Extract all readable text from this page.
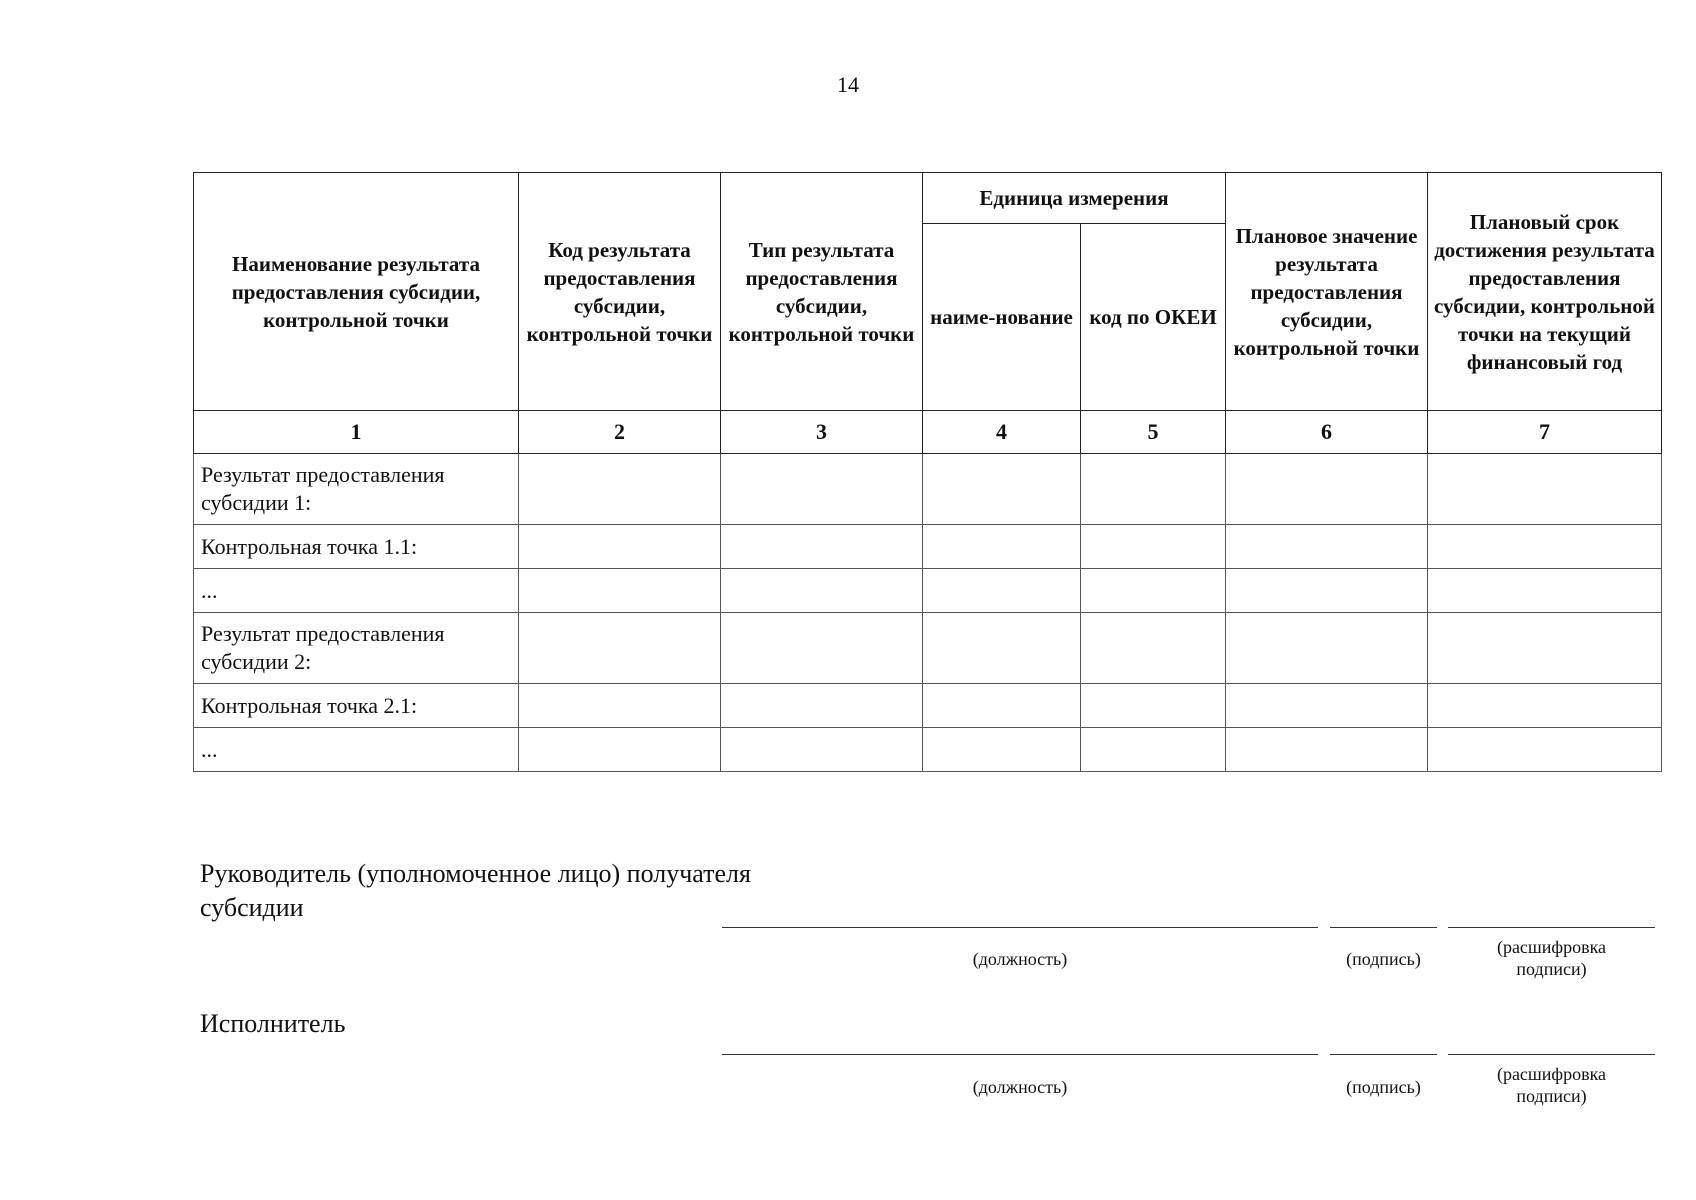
14
Наименование результата предоставления субсидии, контрольной точки	Код результата предоставления субсидии, контрольной точки	Тип результата предоставления субсидии, контрольной точки	Единица измерения		Плановое значение результата предоставления субсидии, контрольной точки	Плановый срок достижения результата предоставления субсидии, контрольной точки на текущий финансовый год
			наиме-нование	код по ОКЕИ		
1	2	3	4	5	6	7
Результат предоставления субсидии 1:						
Контрольная точка 1.1:						
...						
Результат предоставления субсидии 2:						
Контрольная точка 2.1:						
...						
Руководитель (уполномоченное лицо) получателя субсидии
(должность)	(подпись)
(расшифровка подписи)
Исполнитель
(должность)	(подпись)
(расшифровка подписи)
